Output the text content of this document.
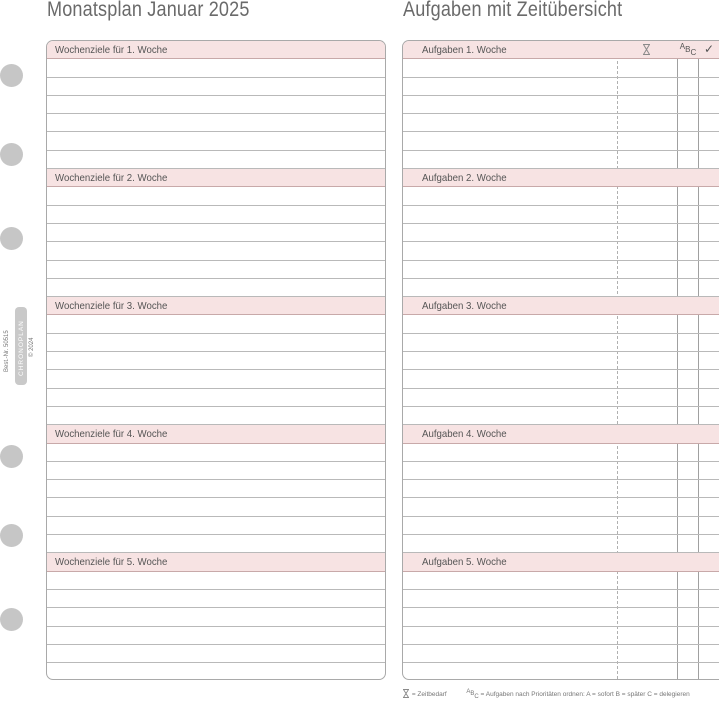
Monatsplan Januar 2025	Aufgaben mit Zeitübersicht
Best.-Nr. 50515 CHRONOPLAN © 2024
Wochenziele für 1. Woche
Wochenziele für 2. Woche
Wochenziele für 3. Woche
Wochenziele für 4. Woche
Wochenziele für 5. Woche
Aufgaben 1. Woche
Aufgaben 2. Woche
Aufgaben 3. Woche
Aufgaben 4. Woche
Aufgaben 5. Woche
$^AB_C$ ✓
= Zeitbedarf	ABC = Aufgaben nach Prioritäten ordnen: A = sofort B = später C = delegieren
